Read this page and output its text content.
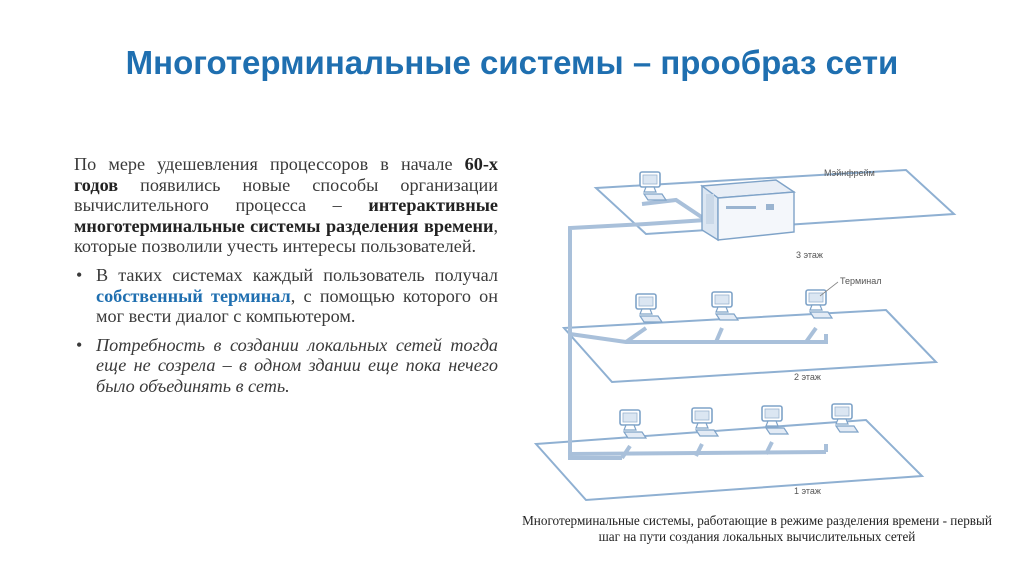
Многотерминальные системы – прообраз сети

По мере удешевления процессоров в начале 60-х годов появились новые способы организации вычислительного процесса – интерактивные многотерминальные системы разделения времени, которые позволили учесть интересы пользователей.

• В таких системах каждый пользователь получал собственный терминал, с помощью которого он мог вести диалог с компьютером.
• Потребность в создании локальных сетей тогда еще не созрела – в одном здании еще пока нечего было объединять в сеть.
Мэйнфрейм
Терминал
3 этаж
2 этаж
1 этаж
Многотерминальные системы, работающие в режиме разделения времени - первый шаг на пути создания локальных вычислительных сетей
